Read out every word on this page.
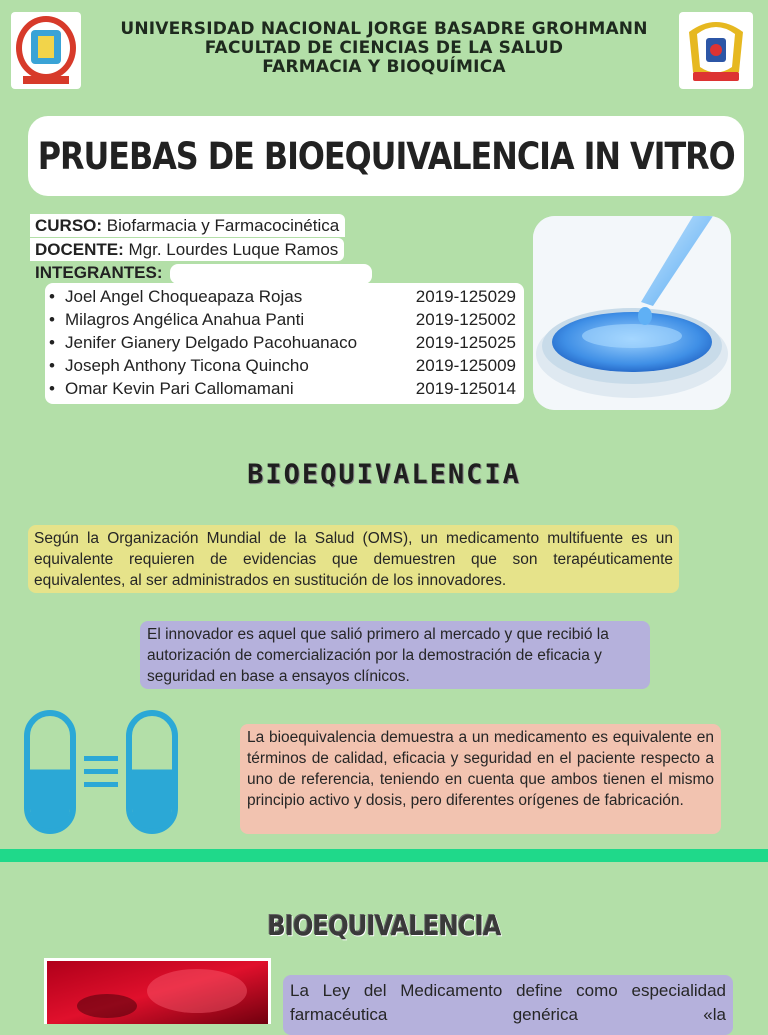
UNIVERSIDAD NACIONAL JORGE BASADRE GROHMANN
FACULTAD DE CIENCIAS DE LA SALUD
FARMACIA Y BIOQUÍMICA
PRUEBAS DE BIOEQUIVALENCIA IN VITRO
CURSO: Biofarmacia y Farmacocinética
DOCENTE: Mgr. Lourdes Luque Ramos
INTEGRANTES:
• Joel Angel Choqueapaza Rojas	2019-125029
• Milagros Angélica Anahua Panti	2019-125002
• Jenifer Gianery Delgado Pacohuanaco	2019-125025
• Joseph Anthony Ticona Quincho	2019-125009
• Omar Kevin Pari Callomamani	2019-125014
BIOEQUIVALENCIA
Según la Organización Mundial de la Salud (OMS), un medicamento multifuente es un equivalente requieren de evidencias que demuestren que son terapéuticamente equivalentes, al ser administrados en sustitución de los innovadores.
El innovador es aquel que salió primero al mercado y que recibió la autorización de comercialización por la demostración de eficacia y seguridad en base a ensayos clínicos.
La bioequivalencia demuestra a un medicamento es equivalente en términos de calidad, eficacia y seguridad en el paciente respecto a uno de referencia, teniendo en cuenta que ambos tienen el mismo principio activo y dosis, pero diferentes orígenes de fabricación.
BIOEQUIVALENCIA
La Ley del Medicamento define como especialidad farmacéutica genérica «la
